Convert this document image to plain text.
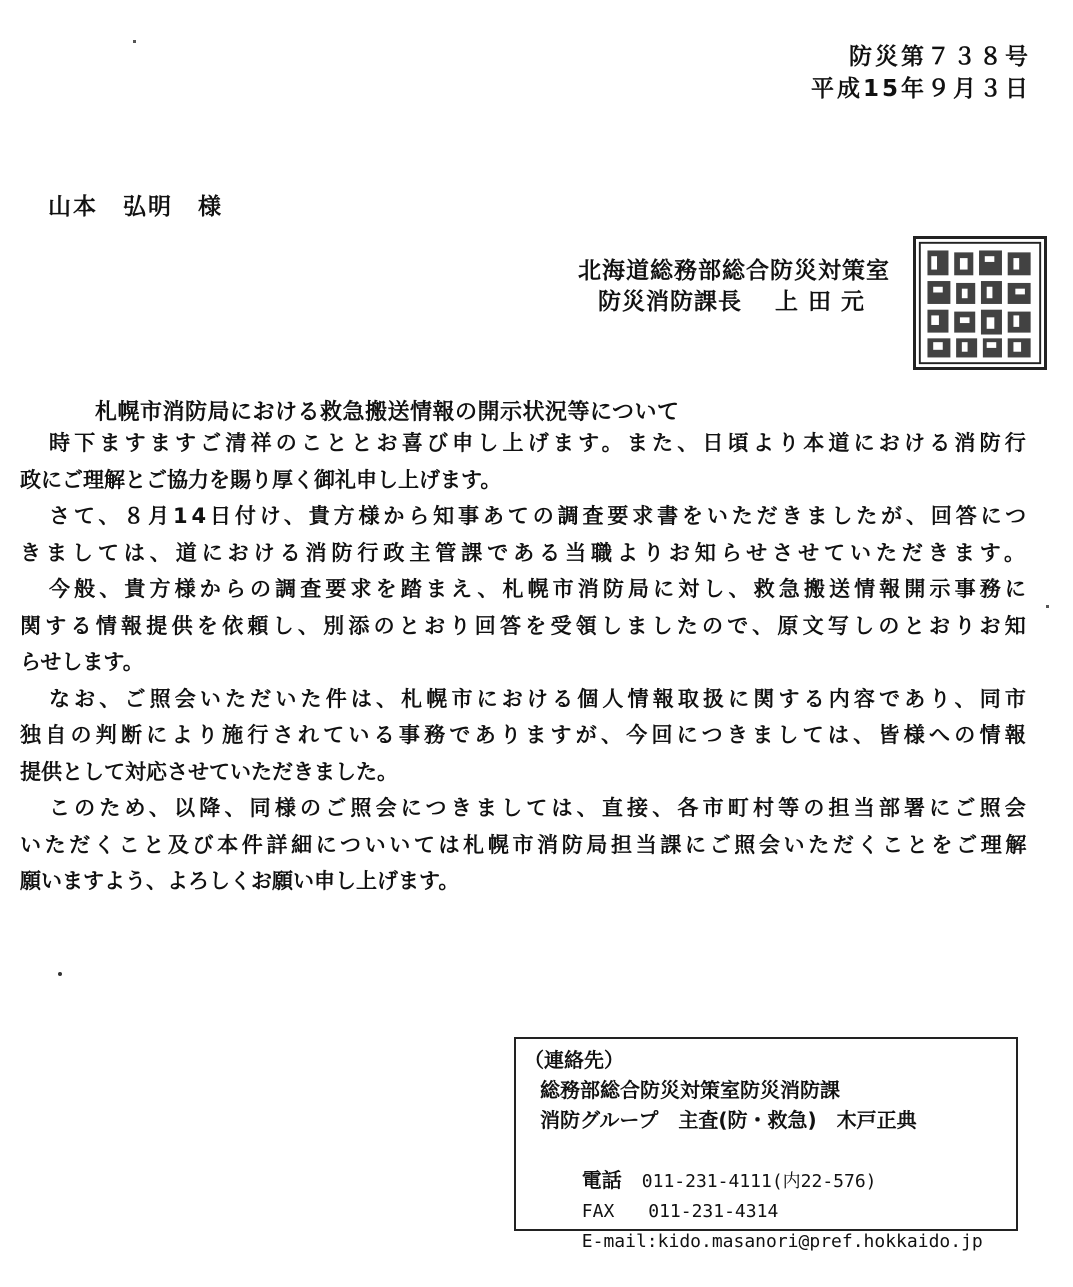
防災第７３８号
平成15年９月３日
山本　弘明　様
北海道総務部総合防災対策室
防災消防課長　 上 田 元
札幌市消防局における救急搬送情報の開示状況等について
時下ますますご清祥のこととお喜び申し上げます。また、日頃より本道における消防行
政にご理解とご協力を賜り厚く御礼申し上げます。
さて、８月14日付け、貴方様から知事あての調査要求書をいただきましたが、回答につ
きましては、道における消防行政主管課である当職よりお知らせさせていただきます。
今般、貴方様からの調査要求を踏まえ、札幌市消防局に対し、救急搬送情報開示事務に
関する情報提供を依頼し、別添のとおり回答を受領しましたので、原文写しのとおりお知
らせします。
なお、ご照会いただいた件は、札幌市における個人情報取扱に関する内容であり、同市
独自の判断により施行されている事務でありますが、今回につきましては、皆様への情報
提供として対応させていただきました。
このため、以降、同様のご照会につきましては、直接、各市町村等の担当部署にご照会
いただくこと及び本件詳細についいては札幌市消防局担当課にご照会いただくことをご理解
願いますよう、よろしくお願い申し上げます。
（連絡先）
総務部総合防災対策室防災消防課
消防グループ　主査(防・救急)　木戸正典

電話　 011-231-4111(内22-576)

FAX　 011-231-4314

E-mail:kido.masanori@pref.hokkaido.jp
